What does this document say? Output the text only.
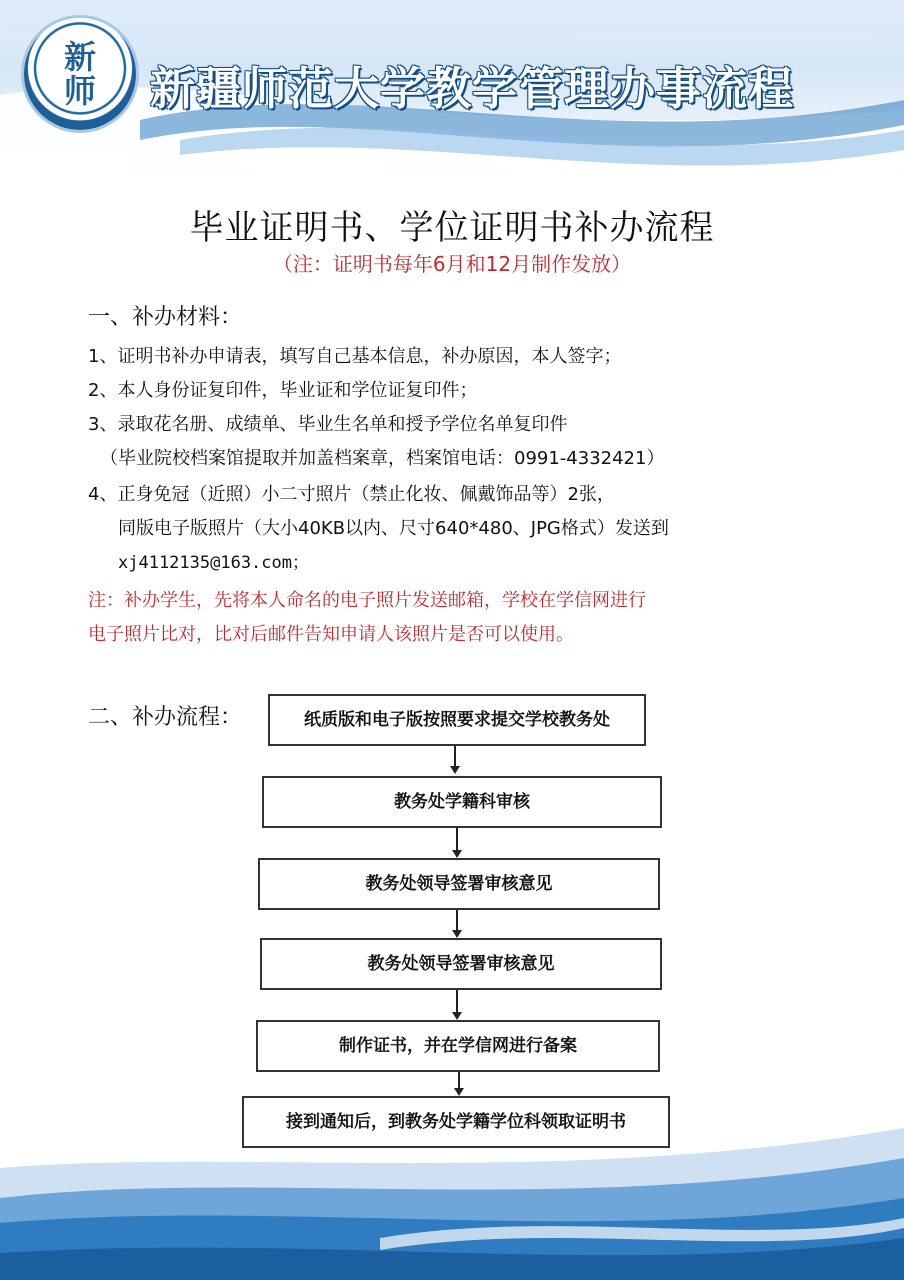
新
师	新疆师范大学教学管理办事流程
毕业证明书、学位证明书补办流程
（注：证明书每年6月和12月制作发放）
一、补办材料：
1、证明书补办申请表，填写自己基本信息，补办原因，本人签字；
2、本人身份证复印件，毕业证和学位证复印件；
3、录取花名册、成绩单、毕业生名单和授予学位名单复印件
（毕业院校档案馆提取并加盖档案章，档案馆电话：0991-4332421）
4、正身免冠（近照）小二寸照片（禁止化妆、佩戴饰品等）2张，
同版电子版照片（大小40KB以内、尺寸640*480、JPG格式）发送到
xj4112135@163.com；
注：补办学生，先将本人命名的电子照片发送邮箱，学校在学信网进行
电子照片比对，比对后邮件告知申请人该照片是否可以使用。
二、补办流程：	纸质版和电子版按照要求提交学校教务处
教务处学籍科审核
教务处领导签署审核意见
教务处领导签署审核意见
制作证书，并在学信网进行备案
接到通知后，到教务处学籍学位科领取证明书
